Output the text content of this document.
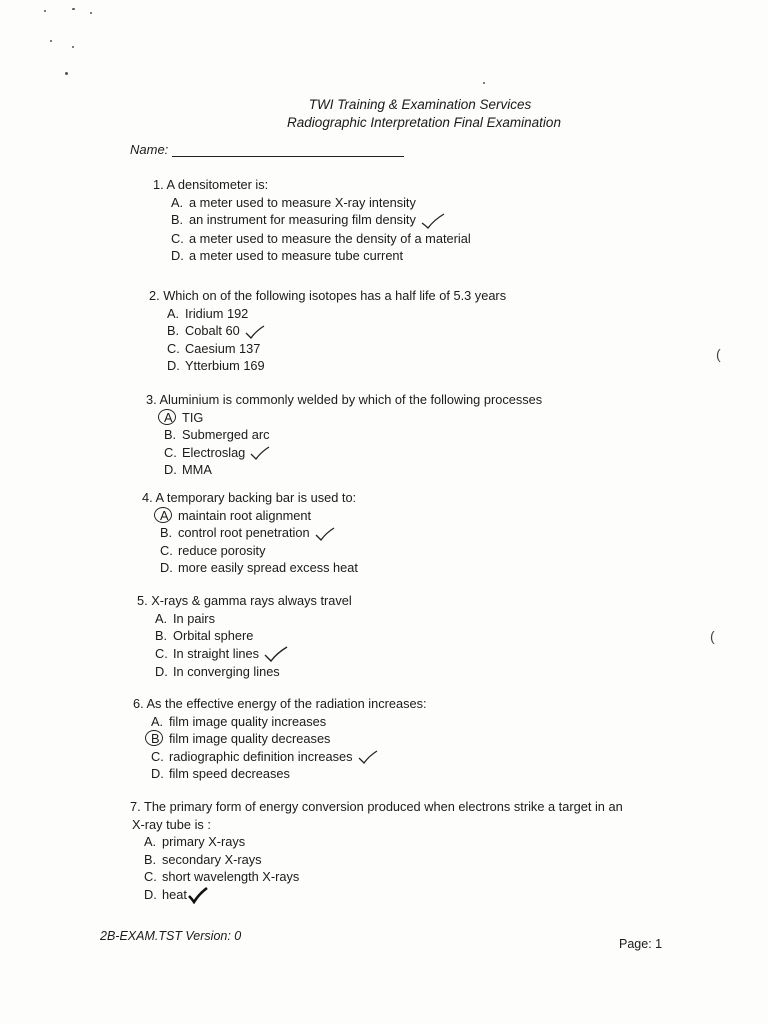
(
(
TWI Training & Examination Services
Radiographic Interpretation Final Examination
Name:
1. A densitometer is:
A. a meter used to measure X-ray intensity
B. an instrument for measuring film density
C. a meter used to measure the density of a material
D. a meter used to measure tube current
2. Which on of the following isotopes has a half life of 5.3 years
A. Iridium 192
B. Cobalt 60
C. Caesium 137
D. Ytterbium 169
3. Aluminium is commonly welded by which of the following processes
A TIG
B. Submerged arc
C. Electroslag
D. MMA
4. A temporary backing bar is used to:
A maintain root alignment
B. control root penetration
C. reduce porosity
D. more easily spread excess heat
5. X-rays & gamma rays always travel
A. In pairs
B. Orbital sphere
C. In straight lines
D. In converging lines
6. As the effective energy of the radiation increases:
A. film image quality increases
B film image quality decreases
C. radiographic definition increases
D. film speed decreases
7. The primary form of energy conversion produced when electrons strike a target in an
X-ray tube is :
A. primary X-rays
B. secondary X-rays
C. short wavelength X-rays
D. heat
2B-EXAM.TST Version: 0
Page: 1
